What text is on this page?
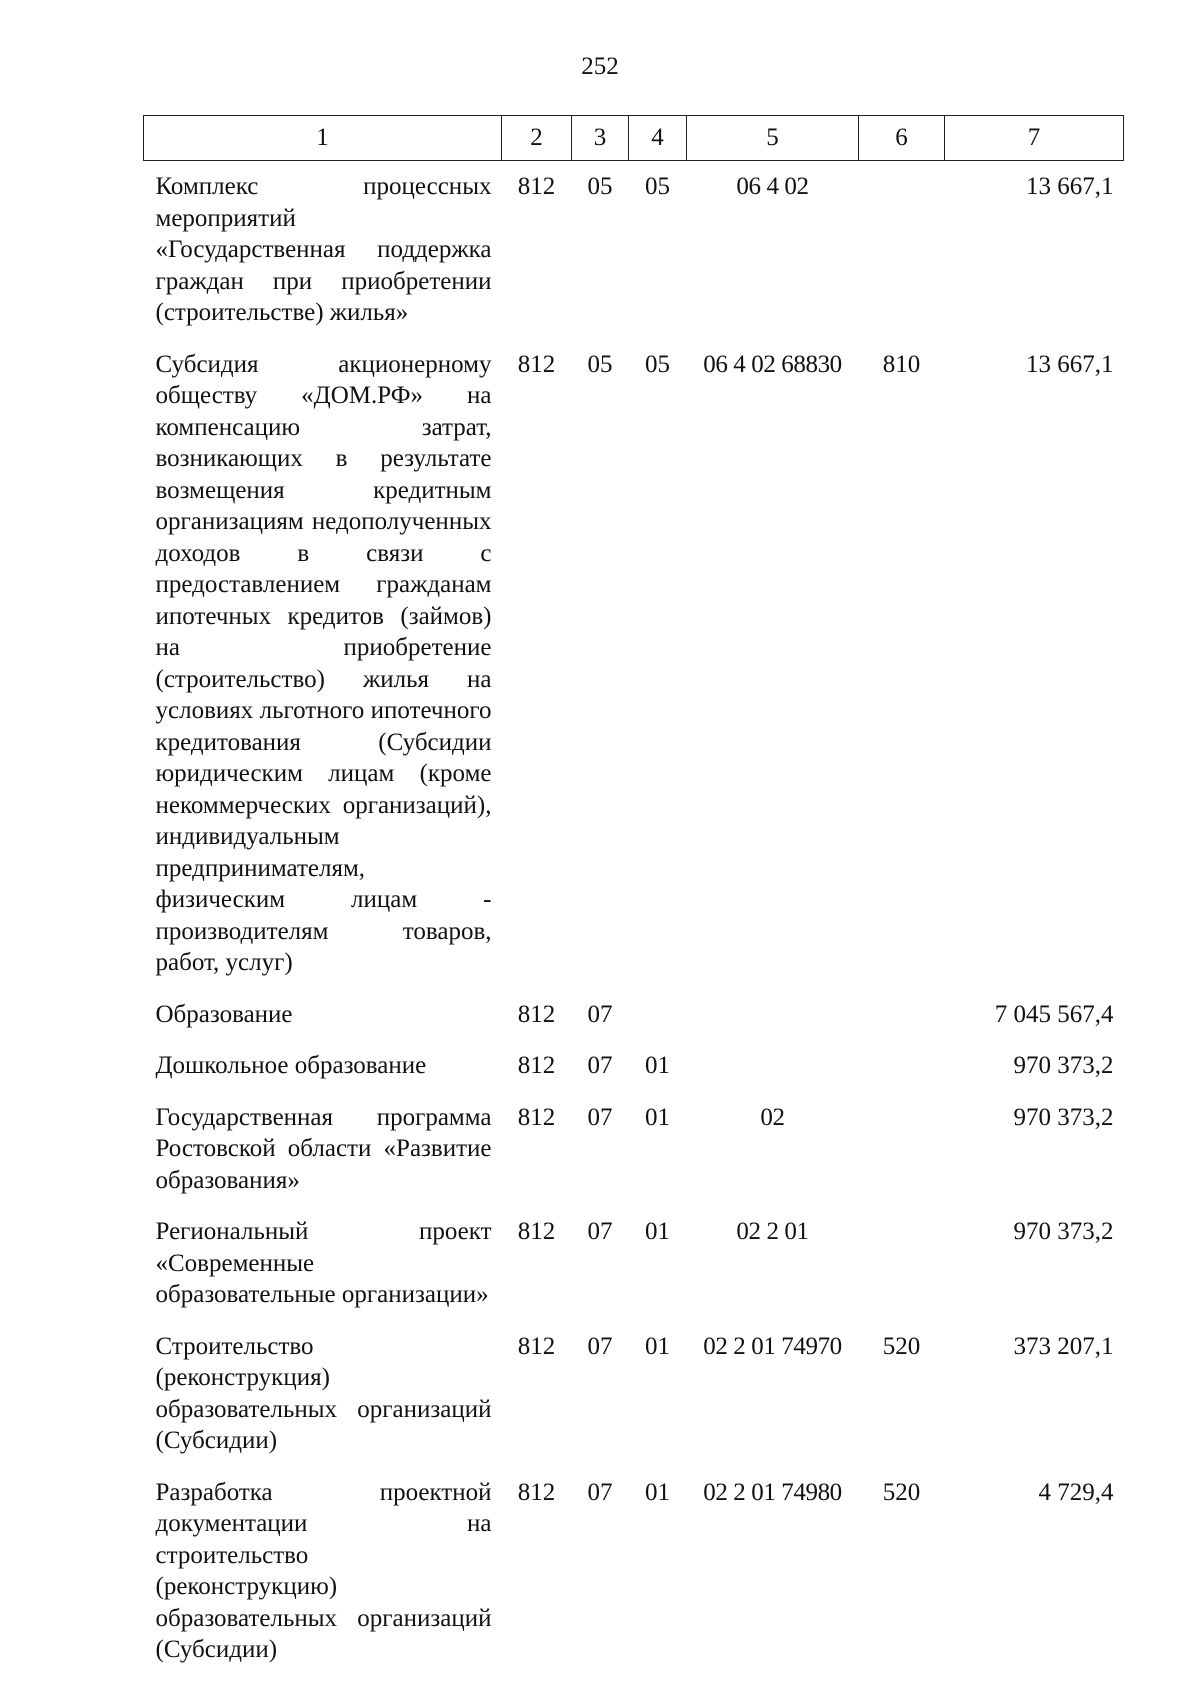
252
1	2	3	4	5	6	7
Комплекс процессных мероприятий «Государственная поддержка граждан при приобретении (строительстве) жилья»	812	05	05	06 4 02		13 667,1
Субсидия акционерному обществу «ДОМ.РФ» на компенсацию затрат, возникающих в результате возмещения кредитным организациям недополученных доходов в связи с предоставлением гражданам ипотечных кредитов (займов) на приобретение (строительство) жилья на условиях льготного ипотечного кредитования (Субсидии юридическим лицам (кроме некоммерческих организаций), индивидуальным предпринимателям, физическим лицам - производителям товаров, работ, услуг)	812	05	05	06 4 02 68830	810	13 667,1
Образование	812	07				7 045 567,4
Дошкольное образование	812	07	01			970 373,2
Государственная программа Ростовской области «Развитие образования»	812	07	01	02		970 373,2
Региональный проект «Современные образовательные организации»	812	07	01	02 2 01		970 373,2
Строительство (реконструкция) образовательных организаций (Субсидии)	812	07	01	02 2 01 74970	520	373 207,1
Разработка проектной документации на строительство (реконструкцию) образовательных организаций (Субсидии)	812	07	01	02 2 01 74980	520	4 729,4
